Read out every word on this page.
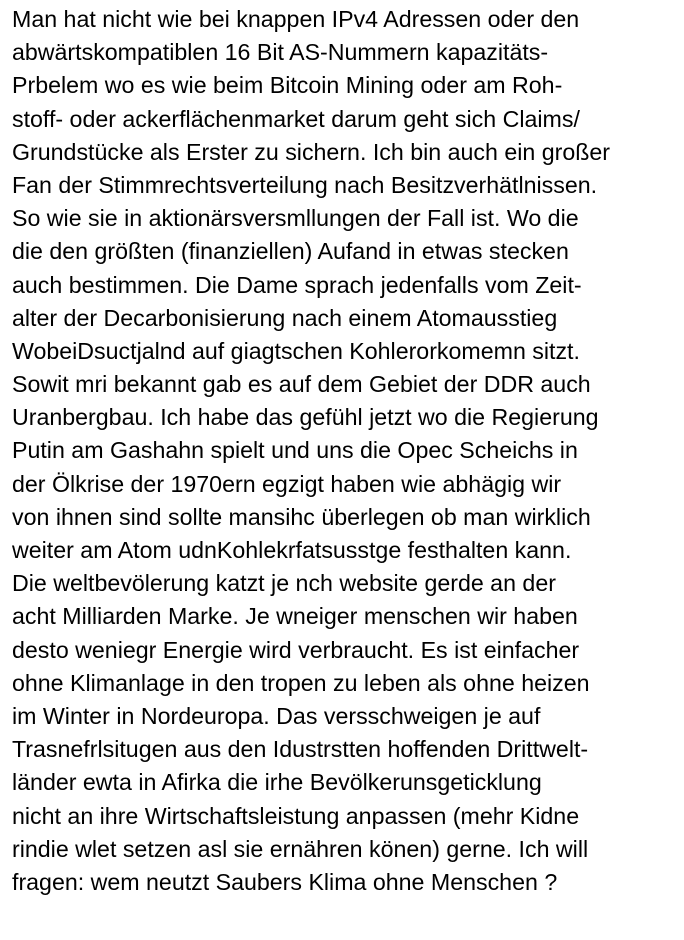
Man hat nicht wie bei knappen IPv4 Adressen oder den
abwärtskompatiblen 16 Bit AS-Nummern kapazitäts-
Prbelem wo es wie beim Bitcoin Mining oder am Roh-
stoff- oder ackerflächenmarket darum geht sich Claims/
Grundstücke als Erster zu sichern. Ich bin auch ein großer
Fan der Stimmrechtsverteilung nach Besitzverhätlnissen.
So wie sie in aktionärsversmllungen der Fall ist. Wo die
die den größten (finanziellen) Aufand in etwas stecken
auch bestimmen. Die Dame sprach jedenfalls vom Zeit-
alter der Decarbonisierung nach einem Atomausstieg
WobeiDsuctjalnd auf giagtschen Kohlerorkomemn sitzt.
Sowit mri bekannt gab es auf dem Gebiet der DDR auch
Uranbergbau. Ich habe das gefühl jetzt wo die Regierung
Putin am Gashahn spielt und uns die Opec Scheichs in
der Ölkrise der 1970ern egzigt haben wie abhägig wir
von ihnen sind sollte mansihc überlegen ob man wirklich
weiter am Atom udnKohlekrfatsusstge festhalten kann.
Die weltbevölerung katzt je nch website gerde an der
acht Milliarden Marke. Je wneiger menschen wir haben
desto weniegr Energie wird verbraucht. Es ist einfacher
ohne Klimanlage in den tropen zu leben als ohne heizen
im Winter in Nordeuropa. Das versschweigen je auf
Trasnefrlsitugen aus den Idustrstten hoffenden Drittwelt-
länder ewta in Afirka die irhe Bevölkerunsgeticklung
nicht an ihre Wirtschaftsleistung anpassen (mehr Kidne
rindie wlet setzen asl sie ernähren könen) gerne. Ich will
fragen: wem neutzt Saubers Klima ohne Menschen ?
